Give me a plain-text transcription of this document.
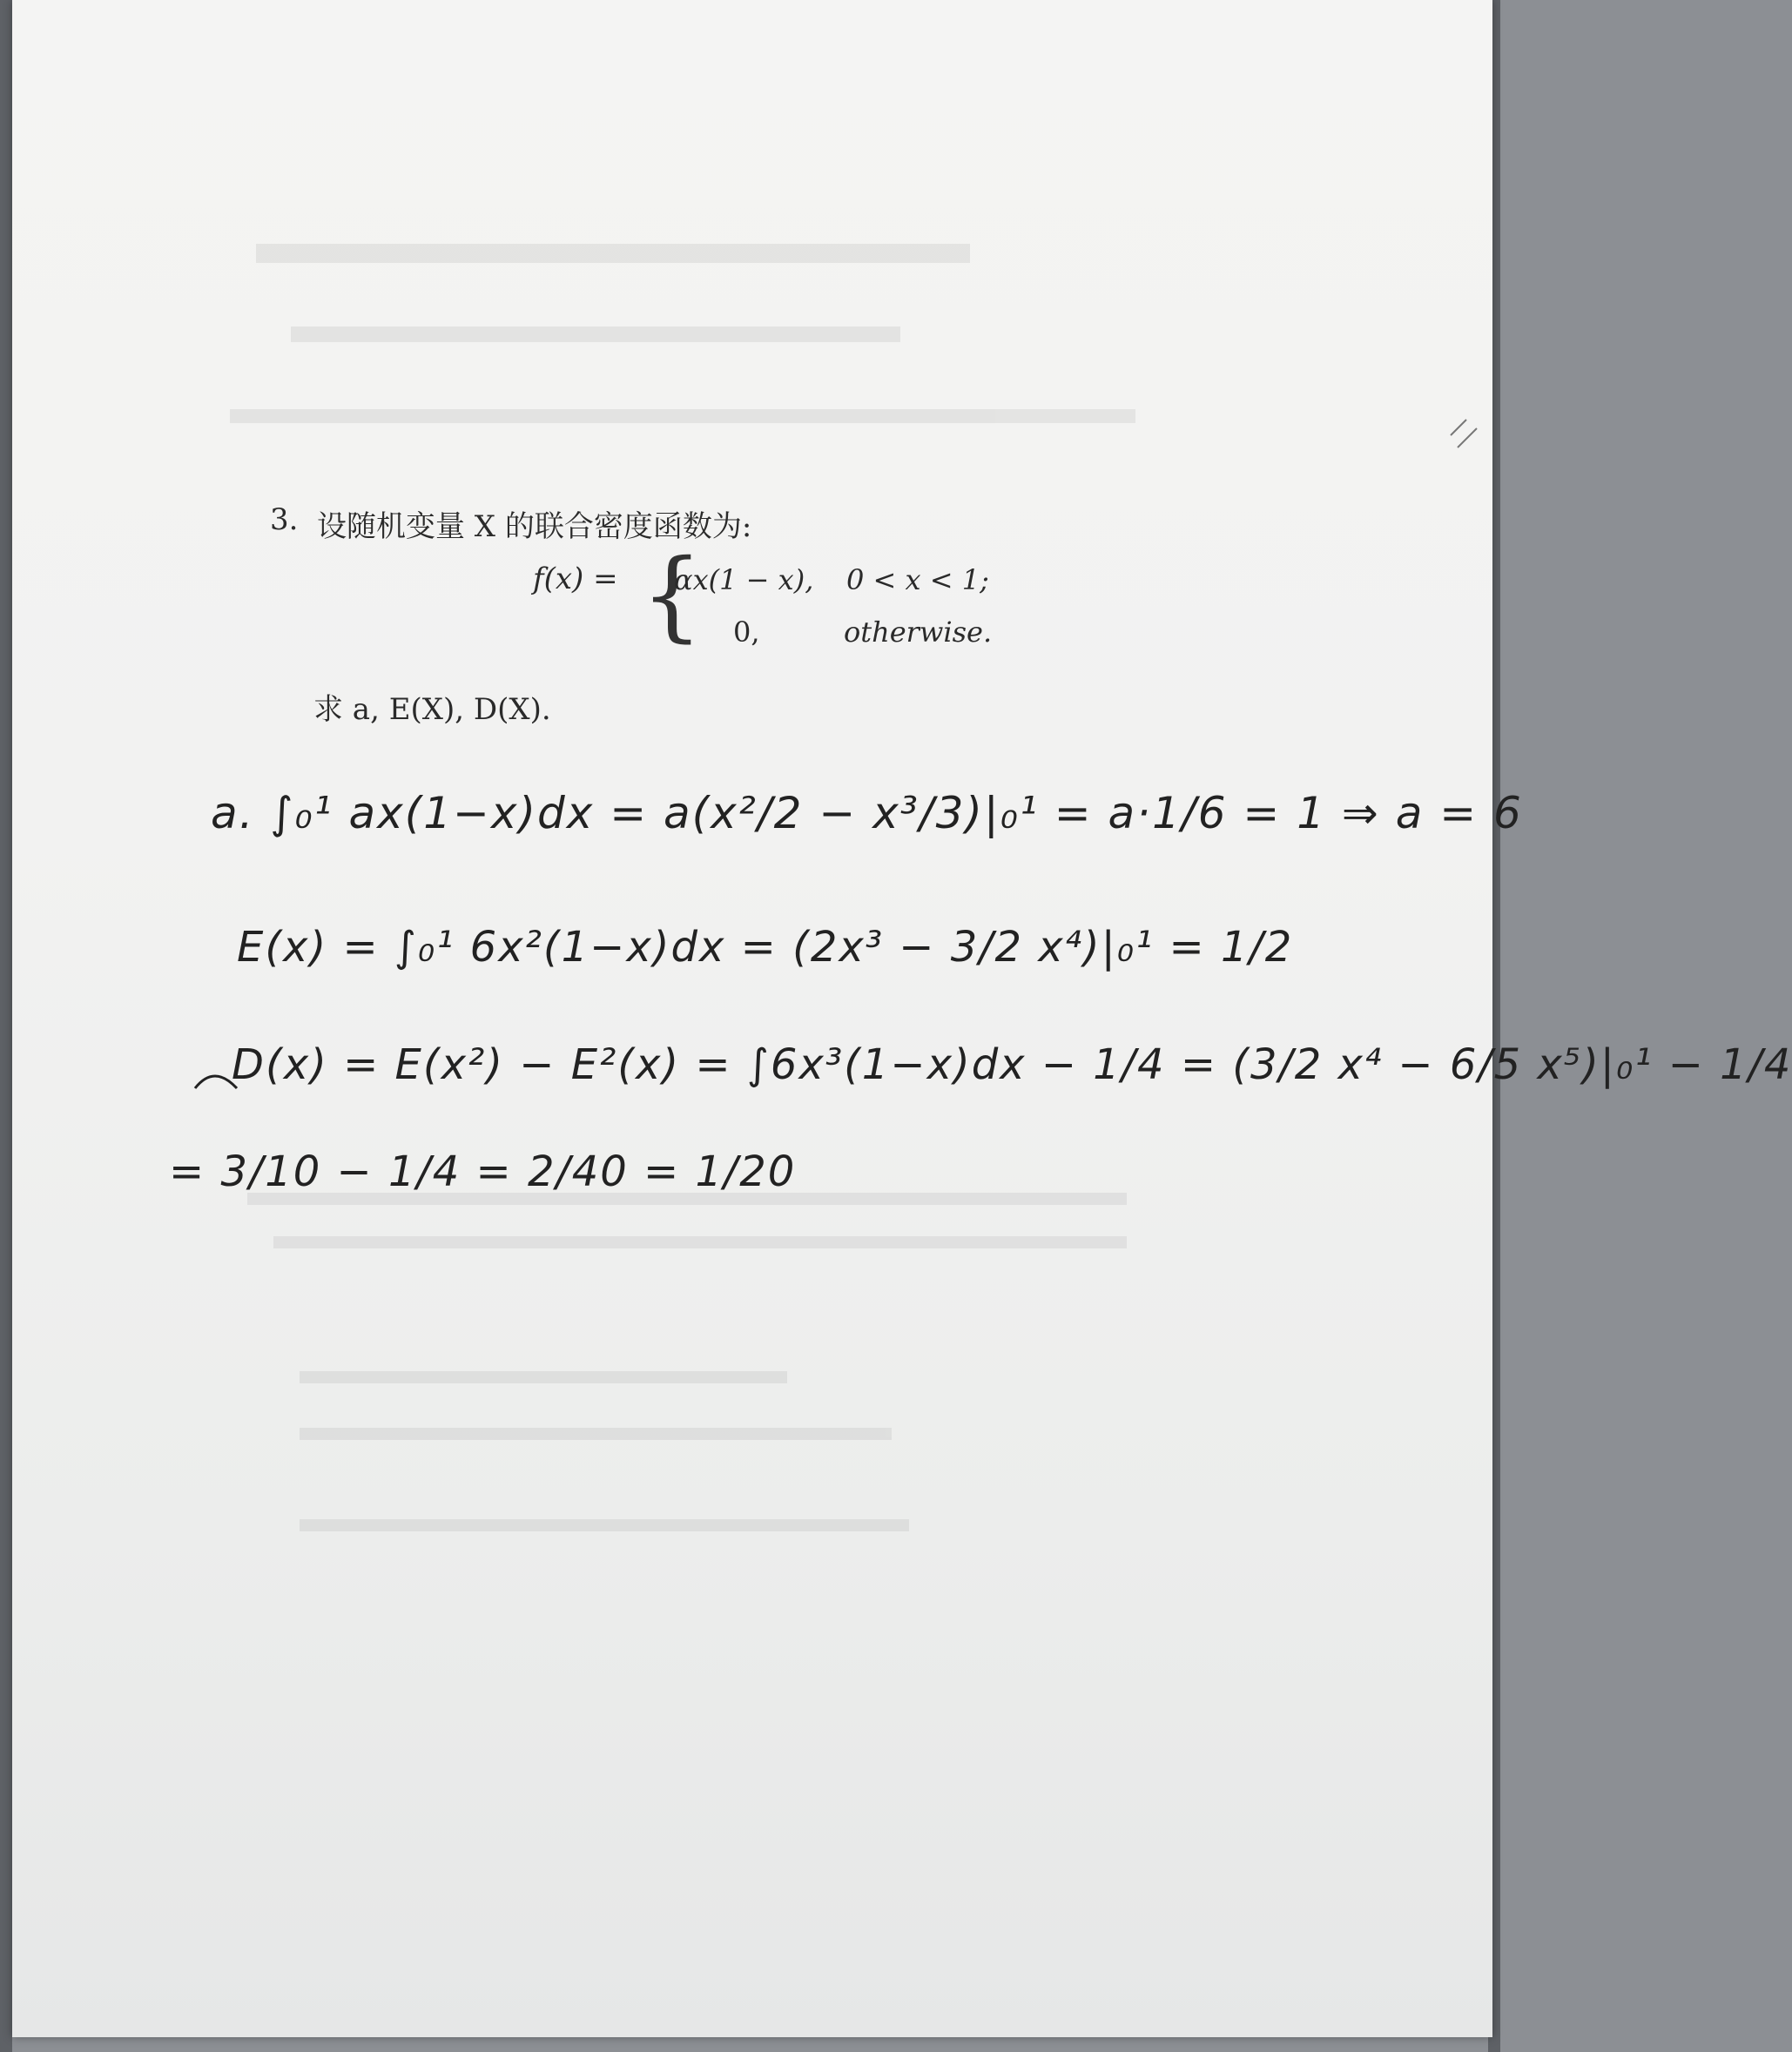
3. 设随机变量 X 的联合密度函数为:
f(x) = {
αx(1 − x), 0 < x < 1;
0,	otherwise.
求 a, E(X), D(X).
a. ∫₀¹ ax(1−x)dx = a(x²/2 − x³/3)|₀¹ = a·1/6 = 1 ⇒ a = 6
E(x) = ∫₀¹ 6x²(1−x)dx = (2x³ − 3/2 x⁴)|₀¹ = 1/2
D(x) = E(x²) − E²(x) = ∫6x³(1−x)dx − 1/4 = (3/2 x⁴ − 6/5 x⁵)|₀¹ − 1/4
= 3/10 − 1/4 = 2/40 = 1/20
